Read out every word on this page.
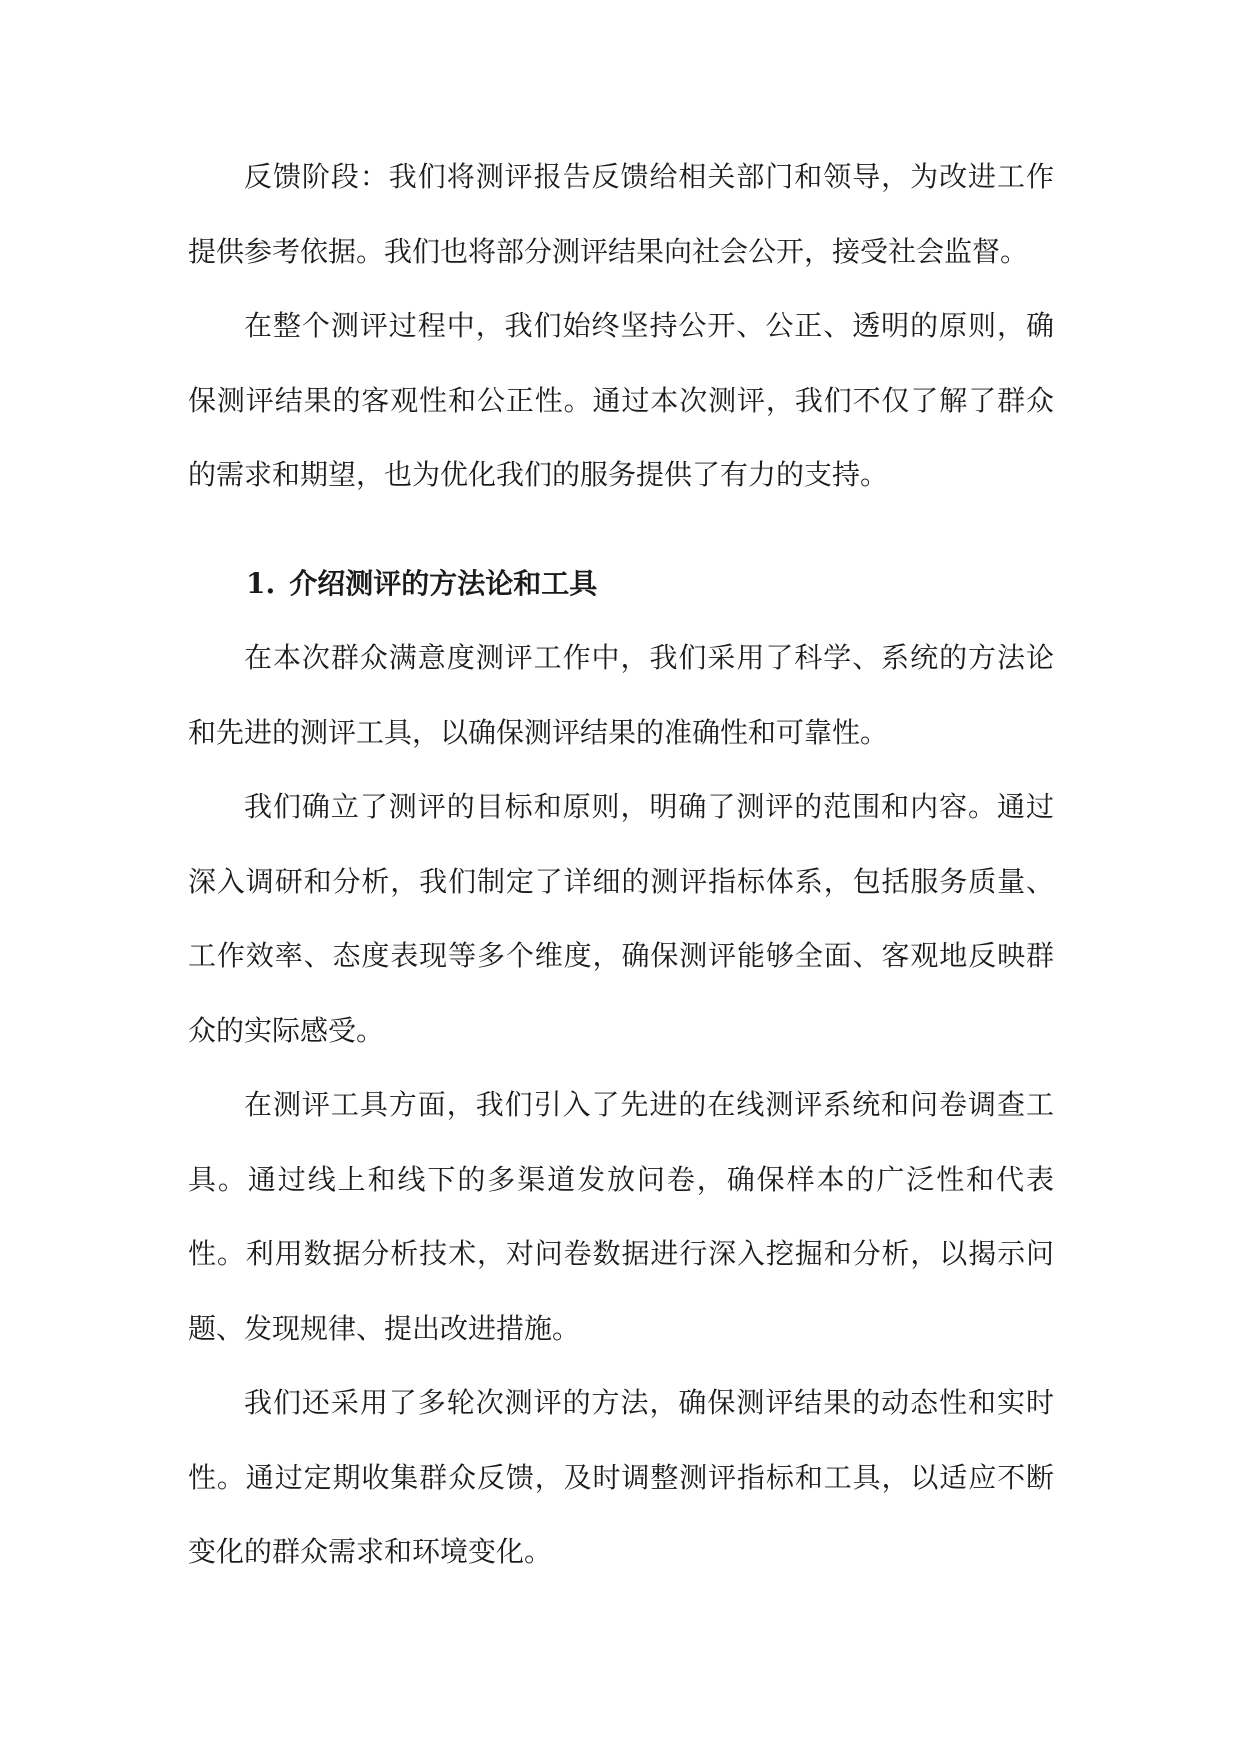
反馈阶段：我们将测评报告反馈给相关部门和领导，为改进工作提供参考依据。我们也将部分测评结果向社会公开，接受社会监督。

在整个测评过程中，我们始终坚持公开、公正、透明的原则，确保测评结果的客观性和公正性。通过本次测评，我们不仅了解了群众的需求和期望，也为优化我们的服务提供了有力的支持。

1. 介绍测评的方法论和工具

在本次群众满意度测评工作中，我们采用了科学、系统的方法论和先进的测评工具，以确保测评结果的准确性和可靠性。

我们确立了测评的目标和原则，明确了测评的范围和内容。通过深入调研和分析，我们制定了详细的测评指标体系，包括服务质量、工作效率、态度表现等多个维度，确保测评能够全面、客观地反映群众的实际感受。

在测评工具方面，我们引入了先进的在线测评系统和问卷调查工具。通过线上和线下的多渠道发放问卷，确保样本的广泛性和代表性。利用数据分析技术，对问卷数据进行深入挖掘和分析，以揭示问题、发现规律、提出改进措施。

我们还采用了多轮次测评的方法，确保测评结果的动态性和实时性。通过定期收集群众反馈，及时调整测评指标和工具，以适应不断变化的群众需求和环境变化。
